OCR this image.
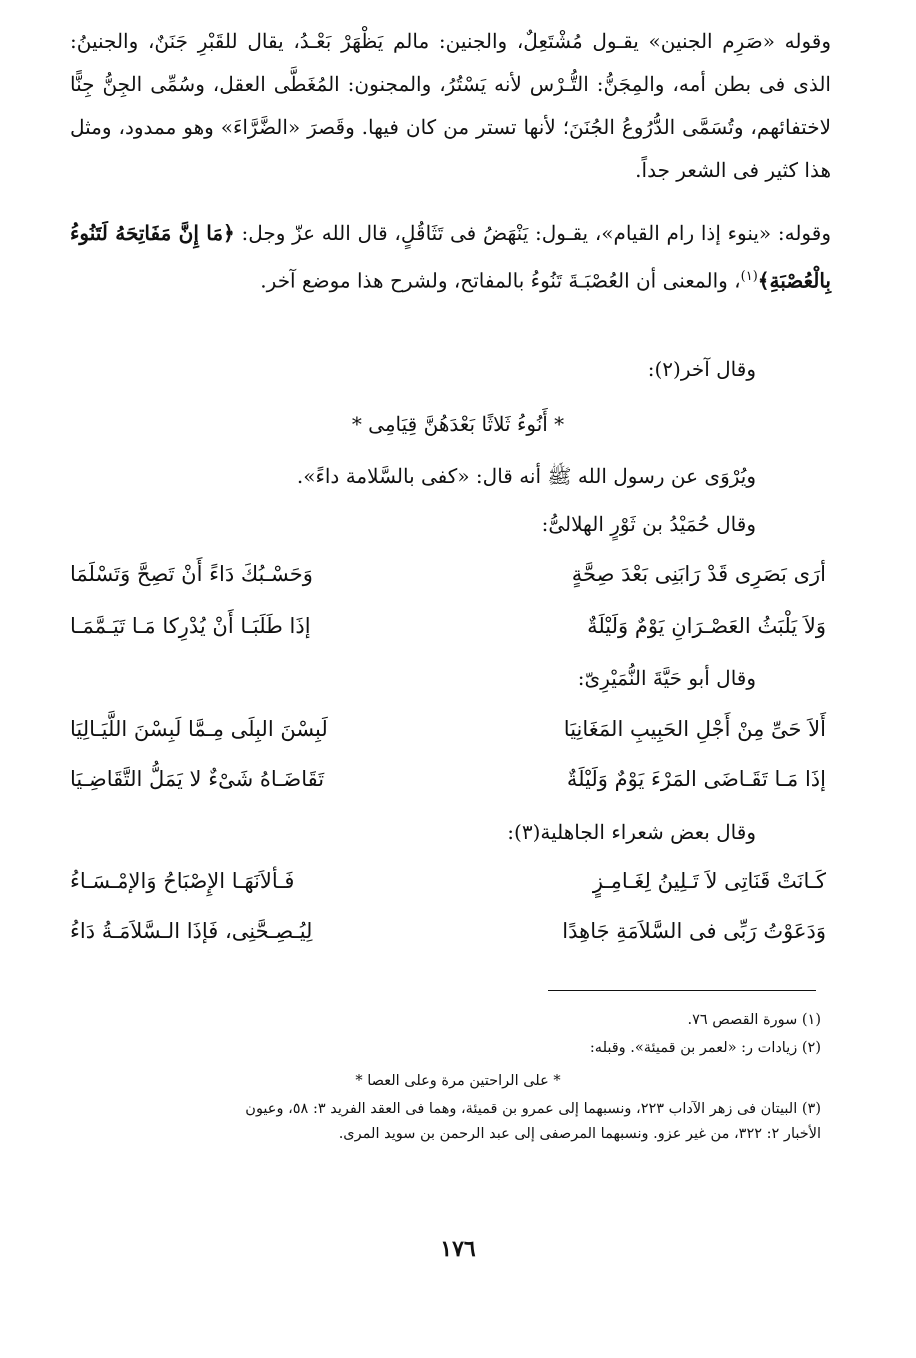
وقوله «صَرِم الجنين» يقـول مُشْتَعِلٌ، والجنين: مالم يَظْهَرْ بَعْـدُ، يقال للقَبْرِ جَنَنٌ، والجنينُ: الذى فى بطن أمه، والمِجَنُّ: التُّـرْس لأنه يَسْتُرُ، والمجنون: المُغَطَّى العقل، وسُمِّى الجِنُّ جِنًّا لاختفائهم، وتُسَمَّى الدُّرُوعُ الجُنَنَ؛ لأنها تستر من كان فيها. وقَصرَ «الضَّرَّاءَ» وهو ممدود، ومثل هذا كثير فى الشعر جداً.

وقوله: «ينوء إذا رام القيام»، يقـول: يَنْهَضُ فى تَثَاقُلٍ، قال الله عزّ وجل: ﴿مَا إِنَّ مَفَاتِحَهُ لَتَنُوءُ بِالْعُصْبَةِ﴾$^{(١)}$، والمعنى أن العُصْبَـةَ تَنُوءُ بالمفاتح، ولشرح هذا موضع آخر.

وقال آخر(٢):
* أَنُوءُ ثَلاثًا بَعْدَهُنَّ قِيَامِى *
ويُرْوَى عن رسول الله ﷺ أنه قال: «كفى بالسَّلامة داءً».
وقال حُمَيْدُ بن ثَوْرٍ الهلالىُّ:
أرَى بَصَرِى قَدْ رَابَنِى بَعْدَ صِحَّةٍ
وَحَسْـبُكَ دَاءً أَنْ تَصِحَّ وَتَسْلَمَا
وَلاَ يَلْبَثُ العَصْـرَانِ يَوْمٌ وَلَيْلَةٌ
إذَا طَلَبَـا أَنْ يُدْرِكا مَـا تَيَـمَّمَـا
وقال أبو حَيَّةَ النُّمَيْرِىّ:
أَلاَ حَىِّ مِنْ أَجْلِ الحَبِيبِ المَغَانِيَا
لَبِسْنَ البِلَى مِـمَّا لَبِسْنَ اللَّيَـالِيَا
إذَا مَـا تَقَـاضَى المَرْءَ يَوْمٌ وَلَيْلَةٌ
تَقَاضَـاهُ شَىْءٌ لا يَمَلُّ التَّقَاضِـيَا
وقال بعض شعراء الجاهلية(٣):
كَـانَتْ قَنَاتِى لاَ تَـلِينُ لِغَـامِـزٍ
فَـألاَنَهَـا الإِصْبَاحُ وَالإمْـسَـاءُ
وَدَعَوْتُ رَبِّى فى السَّلاَمَةِ جَاهِدًا
لِيُـصِـحَّنِى، فَإذَا الـسَّلاَمَـةُ دَاءُ
(١) سورة القصص ٧٦.
(٢) زيادات ر: «لعمر بن قميئة». وقبله:
* على الراحتين مرة وعلى العصا *
(٣) البيتان فى زهر الآداب ٢٢٣، ونسبهما إلى عمرو بن قميئة، وهما فى العقد الفريد ٣: ٥٨، وعيون
الأخبار ٢: ٣٢٢، من غير عزو. ونسبهما المرصفى إلى عبد الرحمن بن سويد المرى.
١٧٦
